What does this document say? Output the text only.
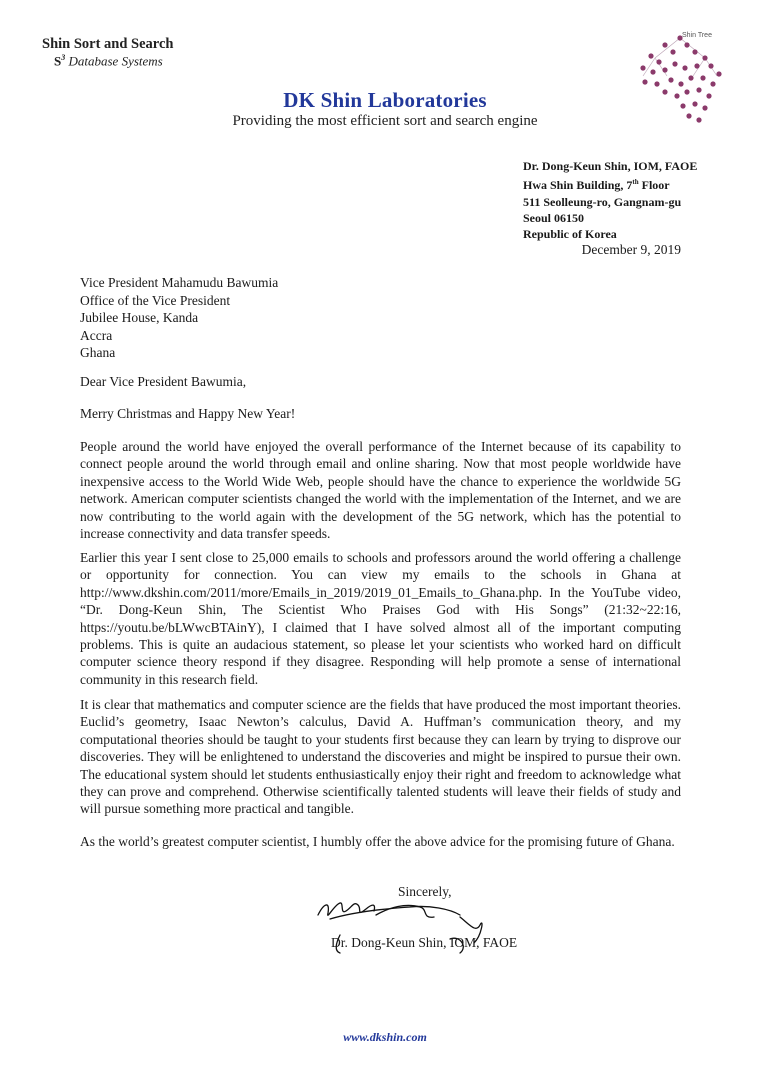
Shin Sort and Search
$S^3$ Database Systems
Shin Tree
DK Shin Laboratories
Providing the most efficient sort and search engine
Dr. Dong-Keun Shin, IOM, FAOE
Hwa Shin Building, 7th Floor
511 Seolleung-ro, Gangnam-gu
Seoul 06150
Republic of Korea
December 9, 2019
Vice President Mahamudu Bawumia
Office of the Vice President
Jubilee House, Kanda
Accra
Ghana
Dear Vice President Bawumia,
Merry Christmas and Happy New Year!
People around the world have enjoyed the overall performance of the Internet because of its capability to connect people around the world through email and online sharing. Now that most people worldwide have inexpensive access to the World Wide Web, people should have the chance to experience the worldwide 5G network. American computer scientists changed the world with the implementation of the Internet, and we are now contributing to the world again with the development of the 5G network, which has the potential to increase connectivity and data transfer speeds.
Earlier this year I sent close to 25,000 emails to schools and professors around the world offering a challenge or opportunity for connection. You can view my emails to the schools in Ghana at http://www.dkshin.com/2011/more/Emails_in_2019/2019_01_Emails_to_Ghana.php. In the YouTube video, “Dr. Dong-Keun Shin, The Scientist Who Praises God with His Songs” (21:32~22:16, https://youtu.be/bLWwcBTAinY), I claimed that I have solved almost all of the important computing problems. This is quite an audacious statement, so please let your scientists who worked hard on difficult computer science theory respond if they disagree. Responding will help promote a sense of international community in this research field.
It is clear that mathematics and computer science are the fields that have produced the most important theories. Euclid’s geometry, Isaac Newton’s calculus, David A. Huffman’s communication theory, and my computational theories should be taught to your students first because they can learn by trying to disprove our discoveries. They will be enlightened to understand the discoveries and might be inspired to pursue their own. The educational system should let students enthusiastically enjoy their right and freedom to acknowledge what they can prove and comprehend. Otherwise scientifically talented students will leave their fields of study and will pursue something more practical and tangible.
As the world’s greatest computer scientist, I humbly offer the above advice for the promising future of Ghana.
Sincerely,
Dr. Dong-Keun Shin, IOM, FAOE
www.dkshin.com
